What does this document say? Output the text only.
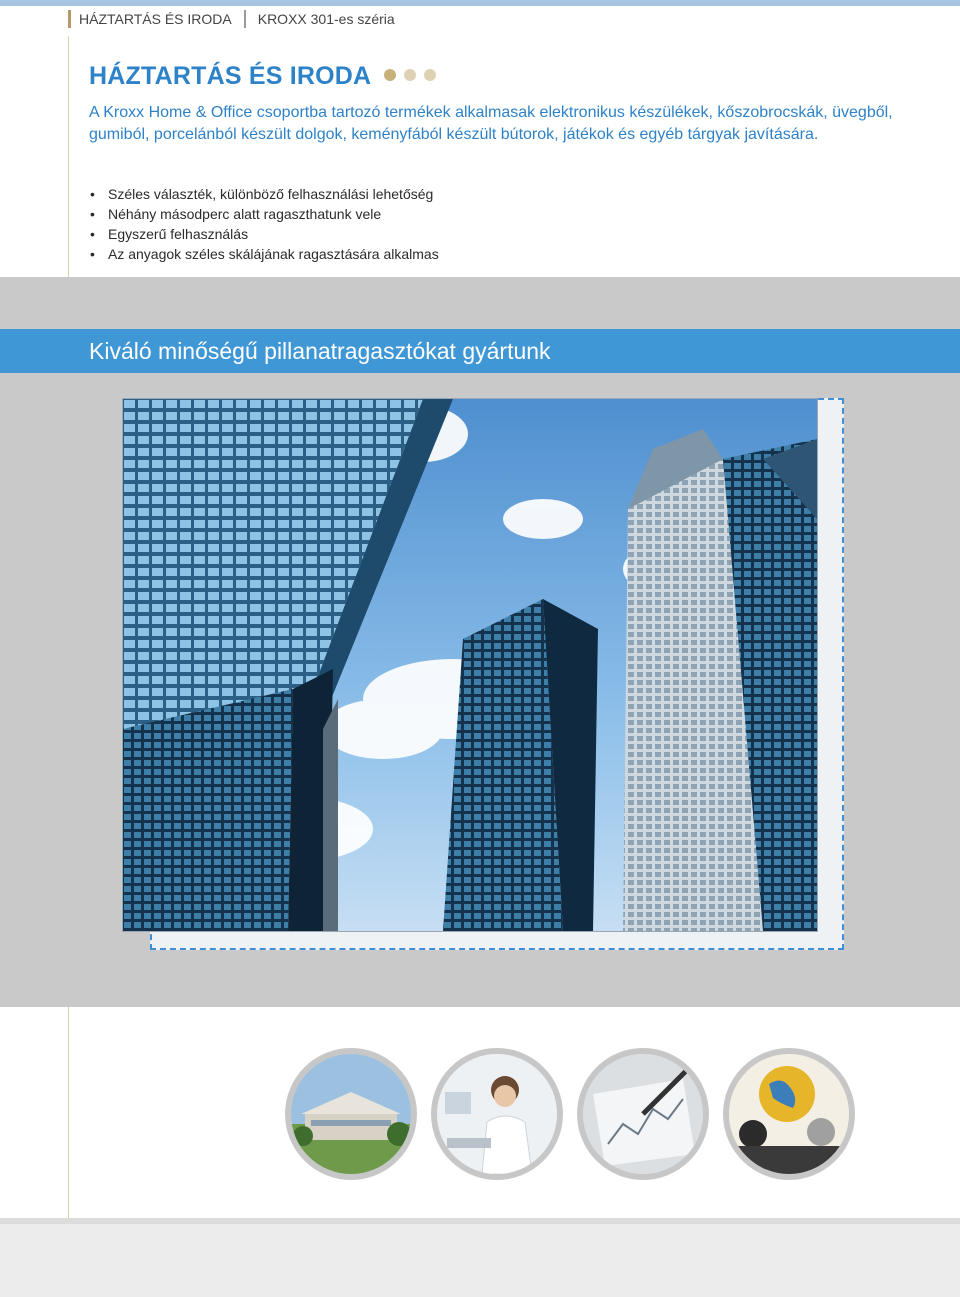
HÁZTARTÁS ÉS IRODA KROXX 301-es széria
HÁZTARTÁS ÉS IRODA

A Kroxx Home & Office csoportba tartozó termékek alkalmasak elektronikus készülékek, kőszobrocskák, üvegből, gumiból, porcelánból készült dolgok, keményfából készült bútorok, játékok és egyéb tárgyak javítására.

• Széles választék, különböző felhasználási lehetőség
• Néhány másodperc alatt ragaszthatunk vele
• Egyszerű felhasználás
• Az anyagok széles skálájának ragasztására alkalmas
Kiváló minőségű pillanatragasztókat gyártunk
